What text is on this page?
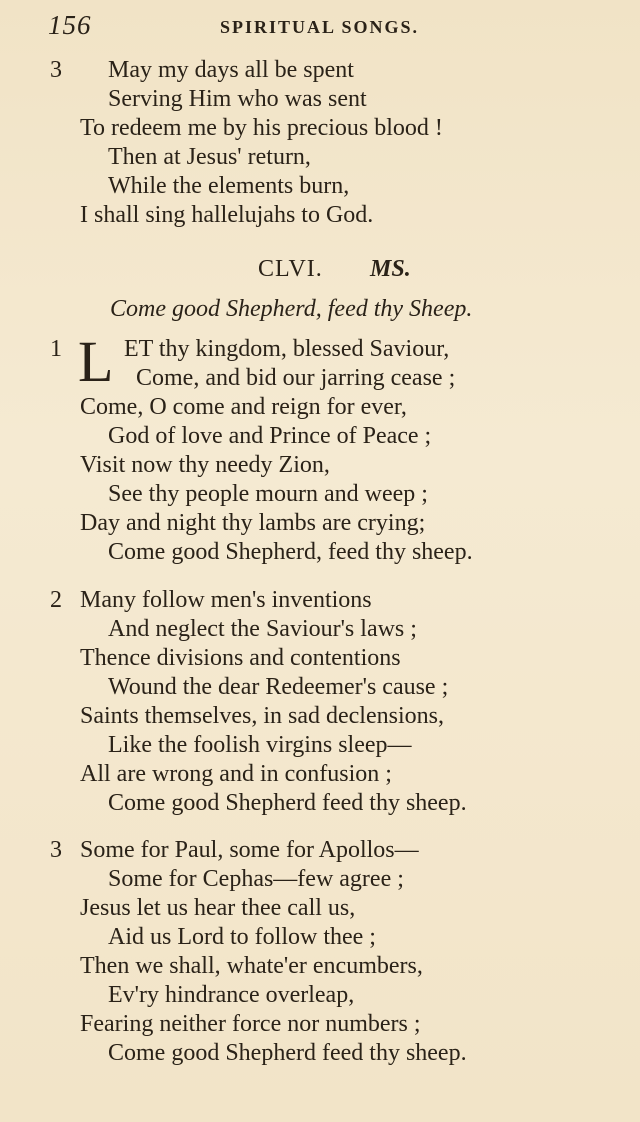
156	SPIRITUAL SONGS.
3 May my days all be spent
Serving Him who was sent
To redeem me by his precious blood !
Then at Jesus' return,
While the elements burn,
I shall sing hallelujahs to God.
CLVI. MS.
Come good Shepherd, feed thy Sheep.
1 L ET thy kingdom, blessed Saviour,
Come, and bid our jarring cease ;
Come, O come and reign for ever,
God of love and Prince of Peace ;
Visit now thy needy Zion,
See thy people mourn and weep ;
Day and night thy lambs are crying;
Come good Shepherd, feed thy sheep.
2 Many follow men's inventions
And neglect the Saviour's laws ;
Thence divisions and contentions
Wound the dear Redeemer's cause ;
Saints themselves, in sad declensions,
Like the foolish virgins sleep—
All are wrong and in confusion ;
Come good Shepherd feed thy sheep.
3 Some for Paul, some for Apollos—
Some for Cephas—few agree ;
Jesus let us hear thee call us,
Aid us Lord to follow thee ;
Then we shall, whate'er encumbers,
Ev'ry hindrance overleap,
Fearing neither force nor numbers ;
Come good Shepherd feed thy sheep.
